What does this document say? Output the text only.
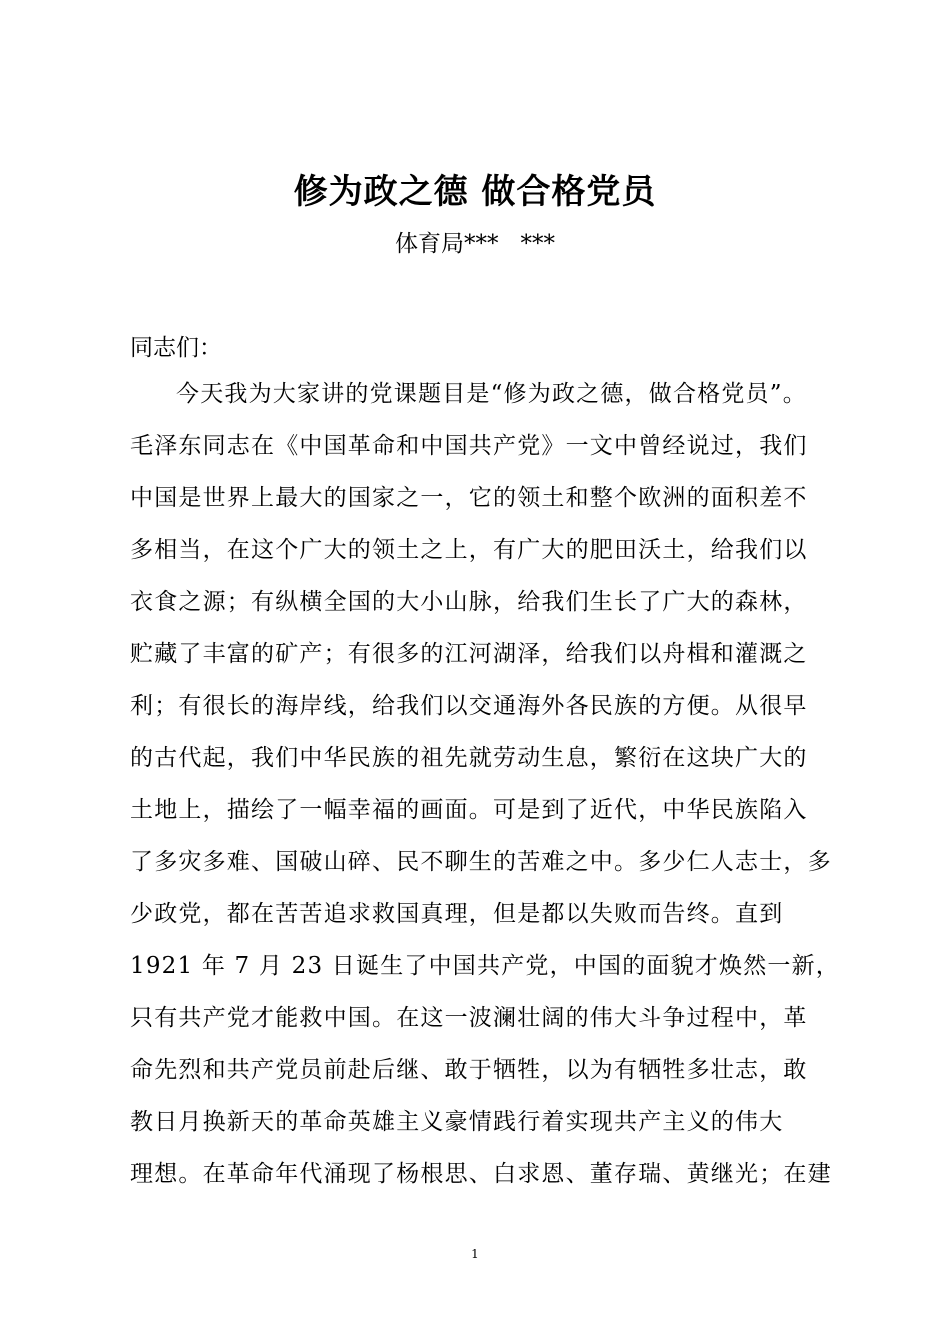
修为政之德 做合格党员
体育局***   ***
同志们：
今天我为大家讲的党课题目是“修为政之德，做合格党员”。
毛泽东同志在《中国革命和中国共产党》一文中曾经说过，我们
中国是世界上最大的国家之一，它的领土和整个欧洲的面积差不
多相当，在这个广大的领土之上，有广大的肥田沃土，给我们以
衣食之源；有纵横全国的大小山脉，给我们生长了广大的森林，
贮藏了丰富的矿产；有很多的江河湖泽，给我们以舟楫和灌溉之
利；有很长的海岸线，给我们以交通海外各民族的方便。从很早
的古代起，我们中华民族的祖先就劳动生息，繁衍在这块广大的
土地上，描绘了一幅幸福的画面。可是到了近代，中华民族陷入
了多灾多难、国破山碎、民不聊生的苦难之中。多少仁人志士，多
少政党，都在苦苦追求救国真理，但是都以失败而告终。直到
1921 年 7 月 23 日诞生了中国共产党，中国的面貌才焕然一新，
只有共产党才能救中国。在这一波澜壮阔的伟大斗争过程中，革
命先烈和共产党员前赴后继、敢于牺牲，以为有牺牲多壮志，敢
教日月换新天的革命英雄主义豪情践行着实现共产主义的伟大
理想。在革命年代涌现了杨根思、白求恩、董存瑞、黄继光；在建
1
